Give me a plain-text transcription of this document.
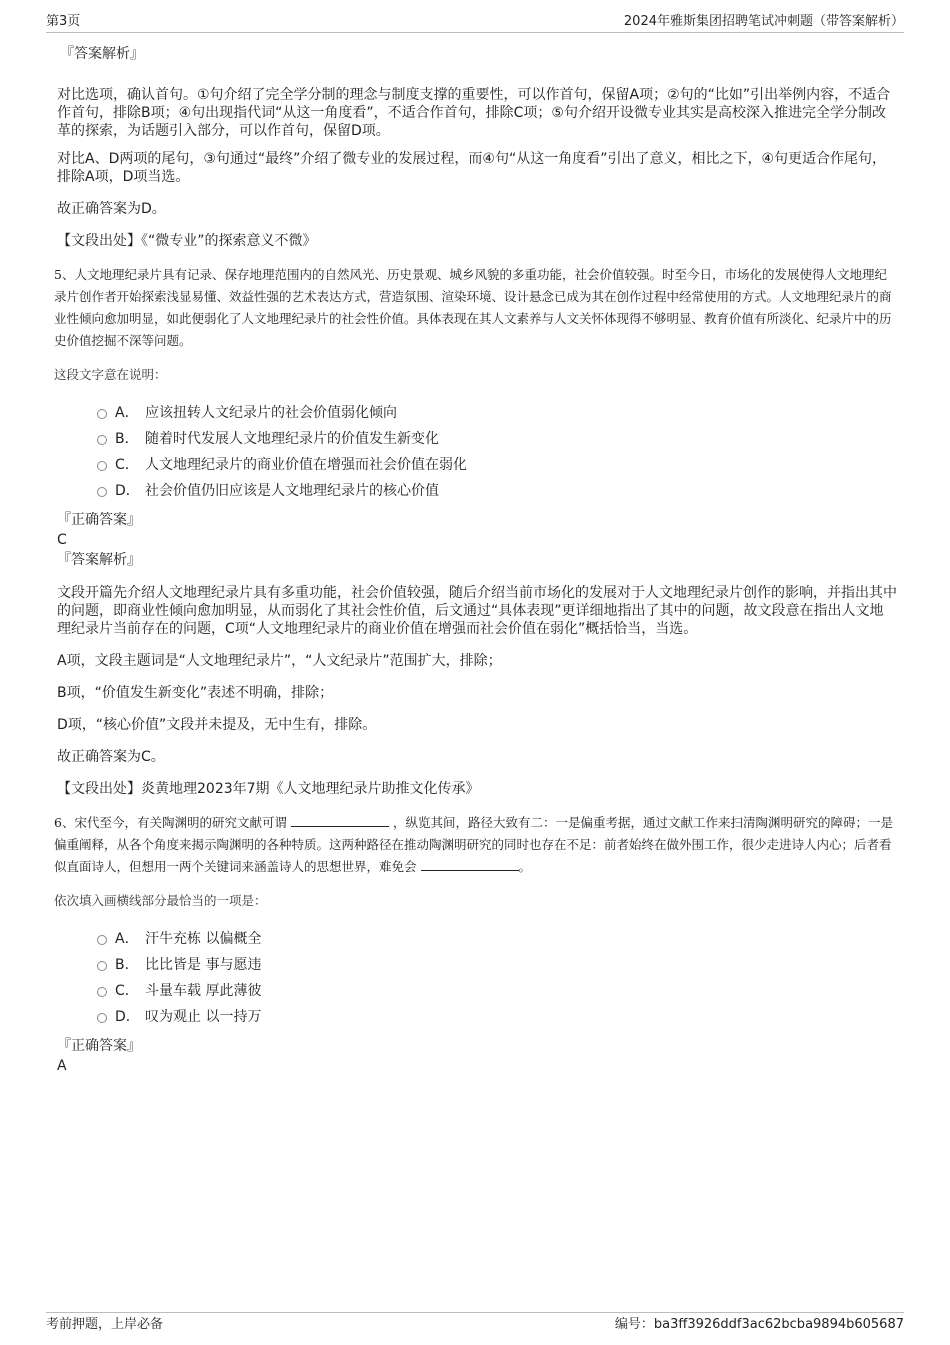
第3页	2024年雅斯集团招聘笔试冲刺题（带答案解析）
『答案解析』

对比选项，确认首句。①句介绍了完全学分制的理念与制度支撑的重要性，可以作首句，保留A项；②句的“比如”引出举例内容，不适合作首句，排除B项；④句出现指代词“从这一角度看”，不适合作首句，排除C项；⑤句介绍开设微专业其实是高校深入推进完全学分制改革的探索，为话题引入部分，可以作首句，保留D项。

对比A、D两项的尾句，③句通过“最终”介绍了微专业的发展过程，而④句“从这一角度看”引出了意义，相比之下，④句更适合作尾句，排除A项，D项当选。

故正确答案为D。

【文段出处】《“微专业”的探索意义不微》

5、人文地理纪录片具有记录、保存地理范围内的自然风光、历史景观、城乡风貌的多重功能，社会价值较强。时至今日，市场化的发展使得人文地理纪录片创作者开始探索浅显易懂、效益性强的艺术表达方式，营造氛围、渲染环境、设计悬念已成为其在创作过程中经常使用的方式。人文地理纪录片的商业性倾向愈加明显，如此便弱化了人文地理纪录片的社会性价值。具体表现在其人文素养与人文关怀体现得不够明显、教育价值有所淡化、纪录片中的历史价值挖掘不深等问题。
这段文字意在说明：
A． 应该扭转人文纪录片的社会价值弱化倾向
B． 随着时代发展人文地理纪录片的价值发生新变化
C． 人文地理纪录片的商业价值在增强而社会价值在弱化
D． 社会价值仍旧应该是人文地理纪录片的核心价值
『正确答案』
C
『答案解析』

文段开篇先介绍人文地理纪录片具有多重功能，社会价值较强，随后介绍当前市场化的发展对于人文地理纪录片创作的影响，并指出其中的问题，即商业性倾向愈加明显，从而弱化了其社会性价值，后文通过“具体表现”更详细地指出了其中的问题，故文段意在指出人文地理纪录片当前存在的问题，C项“人文地理纪录片的商业价值在增强而社会价值在弱化”概括恰当，当选。

A项，文段主题词是“人文地理纪录片”，“人文纪录片”范围扩大，排除；

B项，“价值发生新变化”表述不明确，排除；

D项，“核心价值”文段并未提及，无中生有，排除。

故正确答案为C。

【文段出处】炎黄地理2023年7期《人文地理纪录片助推文化传承》

6、宋代至今，有关陶渊明的研究文献可谓	，纵览其间，路径大致有二：一是偏重考据，通过文献工作来扫清陶渊明研究的障碍；一是偏重阐释，从各个角度来揭示陶渊明的各种特质。这两种路径在推动陶渊明研究的同时也存在不足：前者始终在做外围工作，很少走进诗人内心；后者看似直面诗人，但想用一两个关键词来涵盖诗人的思想世界，难免会	。
依次填入画横线部分最恰当的一项是：
A． 汗牛充栋 以偏概全
B． 比比皆是 事与愿违
C． 斗量车载 厚此薄彼
D． 叹为观止 以一持万
『正确答案』
A
考前押题，上岸必备	编号：ba3ff3926ddf3ac62bcba9894b605687
